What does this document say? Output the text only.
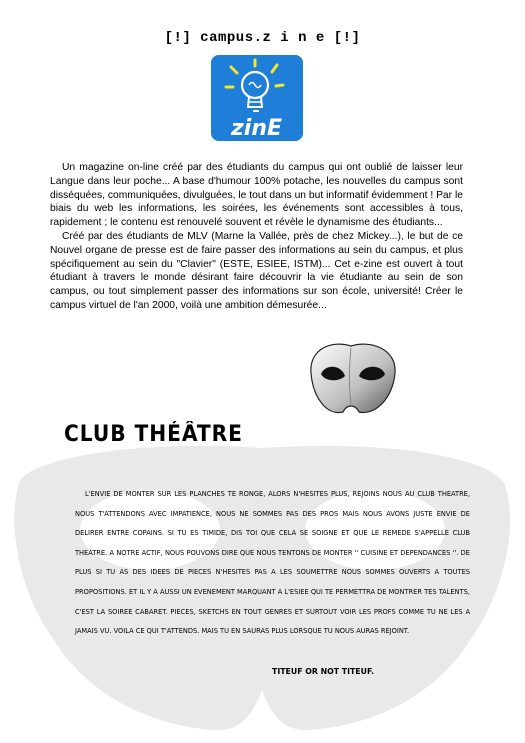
[!] campus.z i n e [!]
zinE

Un magazine on-line créé par des étudiants du campus qui ont oublié de laisser leur Langue dans leur poche... A base d'humour 100% potache, les nouvelles du campus sont disséquées, communiquées, divulguées, le tout dans un but informatif évidemment ! Par le biais du web les informations, les soirées, les événements sont accessibles à tous, rapidement ; le contenu est renouvelé souvent et révèle le dynamisme des étudiants...

Créé par des étudiants de MLV (Marne la Vallée, près de chez Mickey...), le but de ce Nouvel organe de presse est de faire passer des informations au sein du campus, et plus spécifiquement au sein du "Clavier" (ESTE, ESIEE, ISTM)... Cet e-zine est ouvert à tout étudiant à travers le monde désirant faire découvrir la vie étudiante au sein de son campus, ou tout simplement passer des informations sur son école, université! Créer le campus virtuel de l'an 2000, voilà une ambition démesurée...

CLUB THÉÂTRE

L'ENVIE DE MONTER SUR LES PLANCHES TE RONGE, ALORS N'HESITES PLUS, REJOINS NOUS AU CLUB THEATRE, NOUS T'ATTENDONS AVEC IMPATIENCE, NOUS NE SOMMES PAS DES PROS MAIS NOUS AVONS JUSTE ENVIE DE DELIRER ENTRE COPAINS. SI TU ES TIMIDE, DIS TOI QUE CELA SE SOIGNE ET QUE LE REMEDE S'APPELLE CLUB THEATRE. A NOTRE ACTIF, NOUS POUVONS DIRE QUE NOUS TENTONS DE MONTER '' CUISINE ET DEPENDANCES ''. DE PLUS SI TU AS DES IDEES DE PIECES N'HESITES PAS A LES SOUMETTRE NOUS SOMMES OUVERTS A TOUTES PROPOSITIONS. ET IL Y A AUSSI UN EVENEMENT MARQUANT A L'ESIEE QUI TE PERMETTRA DE MONTRER TES TALENTS, C'EST LA SOIREE CABARET. PIECES, SKETCHS EN TOUT GENRES ET SURTOUT VOIR LES PROFS COMME TU NE LES A JAMAIS VU. VOILA CE QUI T'ATTENDS. MAIS TU EN SAURAS PLUS LORSQUE TU NOUS AURAS REJOINT.

TITEUF OR NOT TITEUF.
